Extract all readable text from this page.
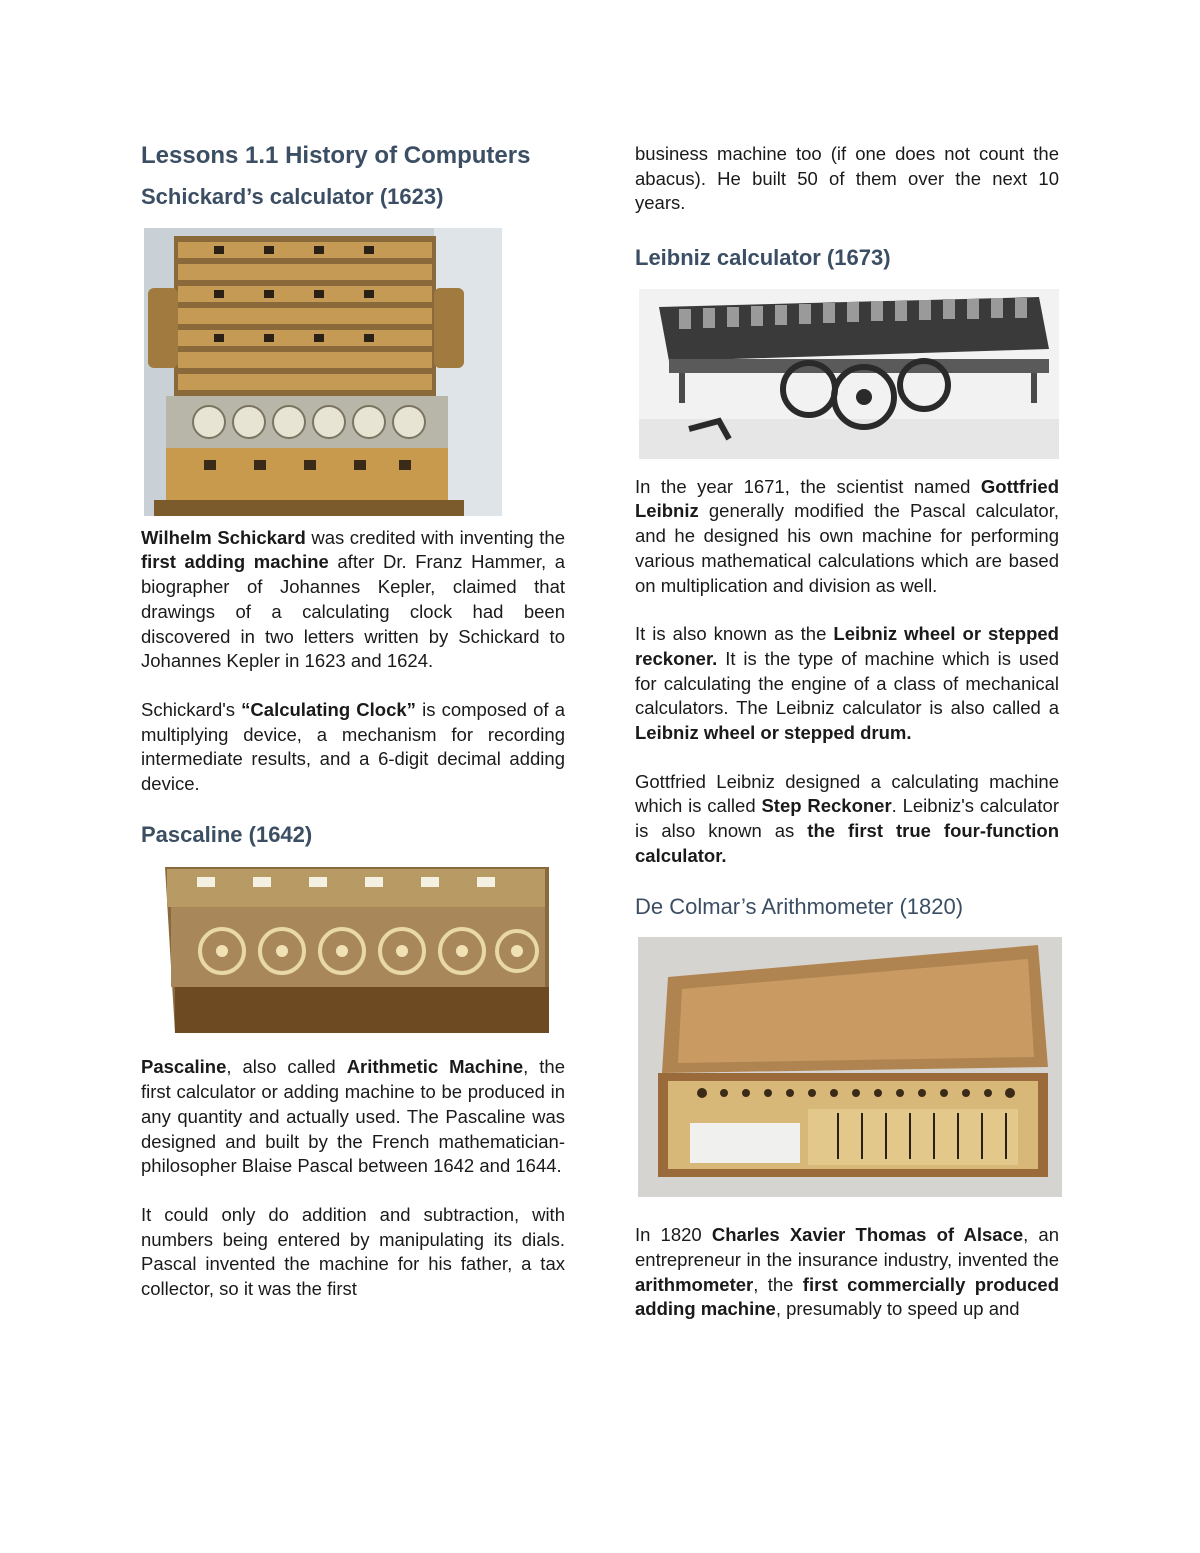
Lessons 1.1 History of Computers
Schickard’s calculator (1623)

Wilhelm Schickard was credited with inventing the first adding machine after Dr. Franz Hammer, a biographer of Johannes Kepler, claimed that drawings of a calculating clock had been discovered in two letters written by Schickard to Johannes Kepler in 1623 and 1624.

Schickard's “Calculating Clock” is composed of a multiplying device, a mechanism for recording intermediate results, and a 6-digit decimal adding device.

Pascaline (1642)

Pascaline, also called Arithmetic Machine, the first calculator or adding machine to be produced in any quantity and actually used. The Pascaline was designed and built by the French mathematician-philosopher Blaise Pascal between 1642 and 1644.

It could only do addition and subtraction, with numbers being entered by manipulating its dials. Pascal invented the machine for his father, a tax collector, so it was the first

business machine too (if one does not count the abacus). He built 50 of them over the next 10 years.

Leibniz calculator (1673)

In the year 1671, the scientist named Gottfried Leibniz generally modified the Pascal calculator, and he designed his own machine for performing various mathematical calculations which are based on multiplication and division as well.

It is also known as the Leibniz wheel or stepped reckoner. It is the type of machine which is used for calculating the engine of a class of mechanical calculators. The Leibniz calculator is also called a Leibniz wheel or stepped drum.

Gottfried Leibniz designed a calculating machine which is called Step Reckoner. Leibniz's calculator is also known as the first true four-function calculator.

De Colmar’s Arithmometer (1820)

In 1820 Charles Xavier Thomas of Alsace, an entrepreneur in the insurance industry, invented the arithmometer, the first commercially produced adding machine, presumably to speed up and
